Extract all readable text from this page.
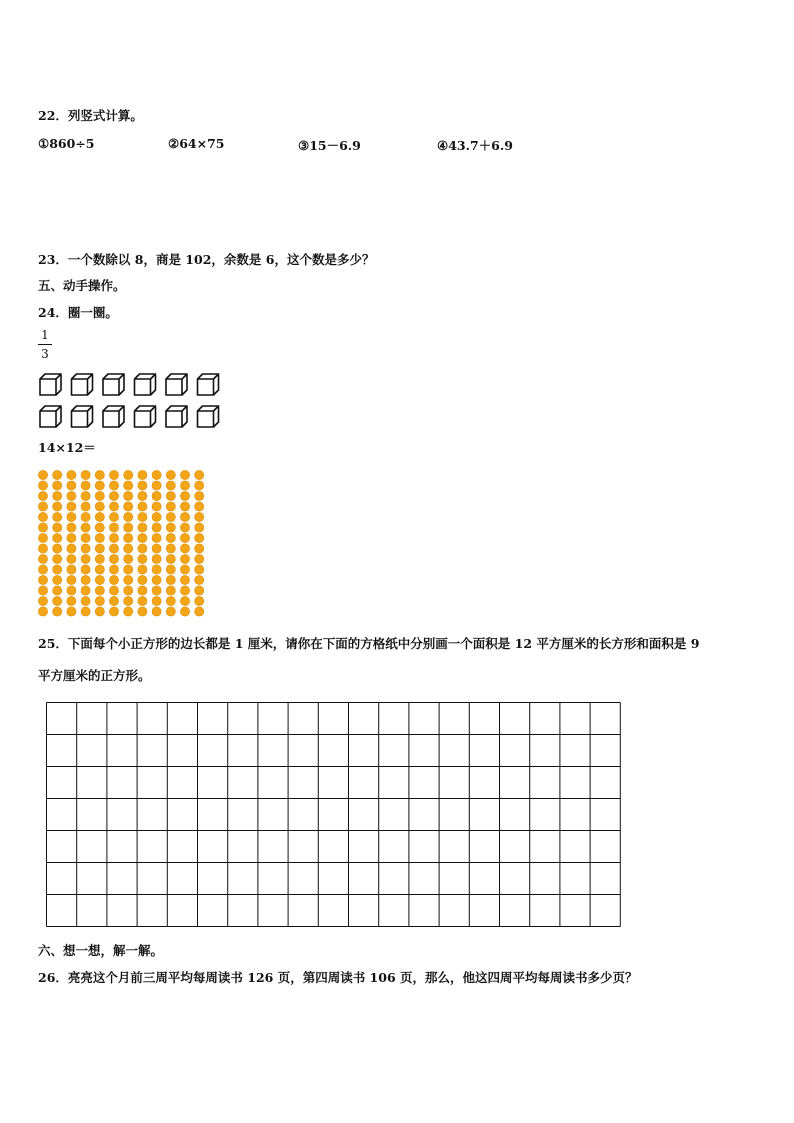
22．列竖式计算。
①860÷5	②64×75	③15－6.9	④43.7＋6.9
23．一个数除以 8，商是 102，余数是 6，这个数是多少？
五、动手操作。
24．圈一圈。
1
3
14×12＝
25．下面每个小正方形的边长都是 1 厘米，请你在下面的方格纸中分别画一个面积是 12 平方厘米的长方形和面积是 9
平方厘米的正方形。
六、想一想，解一解。
26．亮亮这个月前三周平均每周读书 126 页，第四周读书 106 页，那么，他这四周平均每周读书多少页？
